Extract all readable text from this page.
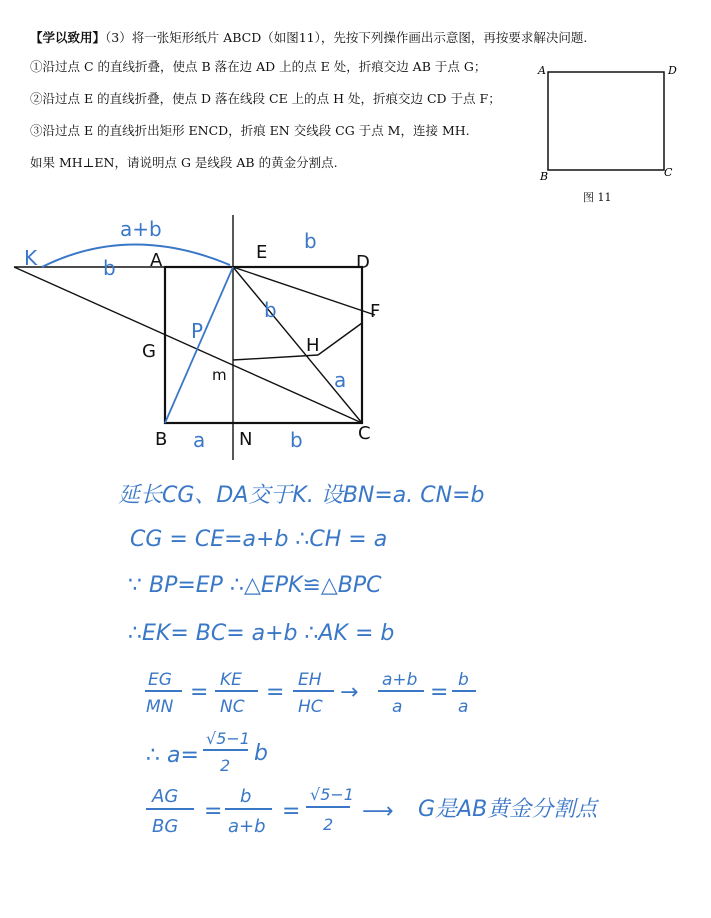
【学以致用】（3）将一张矩形纸片 ABCD（如图11），先按下列操作画出示意图，再按要求解决问题.
①沿过点 C 的直线折叠，使点 B 落在边 AD 上的点 E 处，折痕交边 AB 于点 G；
②沿过点 E 的直线折叠，使点 D 落在线段 CE 上的点 H 处，折痕交边 CD 于点 F；
③沿过点 E 的直线折出矩形 ENCD，折痕 EN 交线段 CG 于点 M，连接 MH.
如果 MH⊥EN，请说明点 G 是线段 AB 的黄金分割点.
A	D
B	C
图 11
A	D
E
F
G	H
m
B	N	C
K
a+b	b
b
b
a
P
a	b
延长CG、DA交于K. 设BN=a. CN=b
CG = CE=a+b ∴CH = a
∵ BP=EP ∴△EPK≌△BPC
∴EK= BC= a+b ∴AK = b
EG
MN
= KE
NC
= EH
HC
→ a+b
a
= b
a
∴ a=
√5−1
2 b
AG
BG
=
b
a+b
=
√5−1
2
⟶ G是AB黄金分割点
